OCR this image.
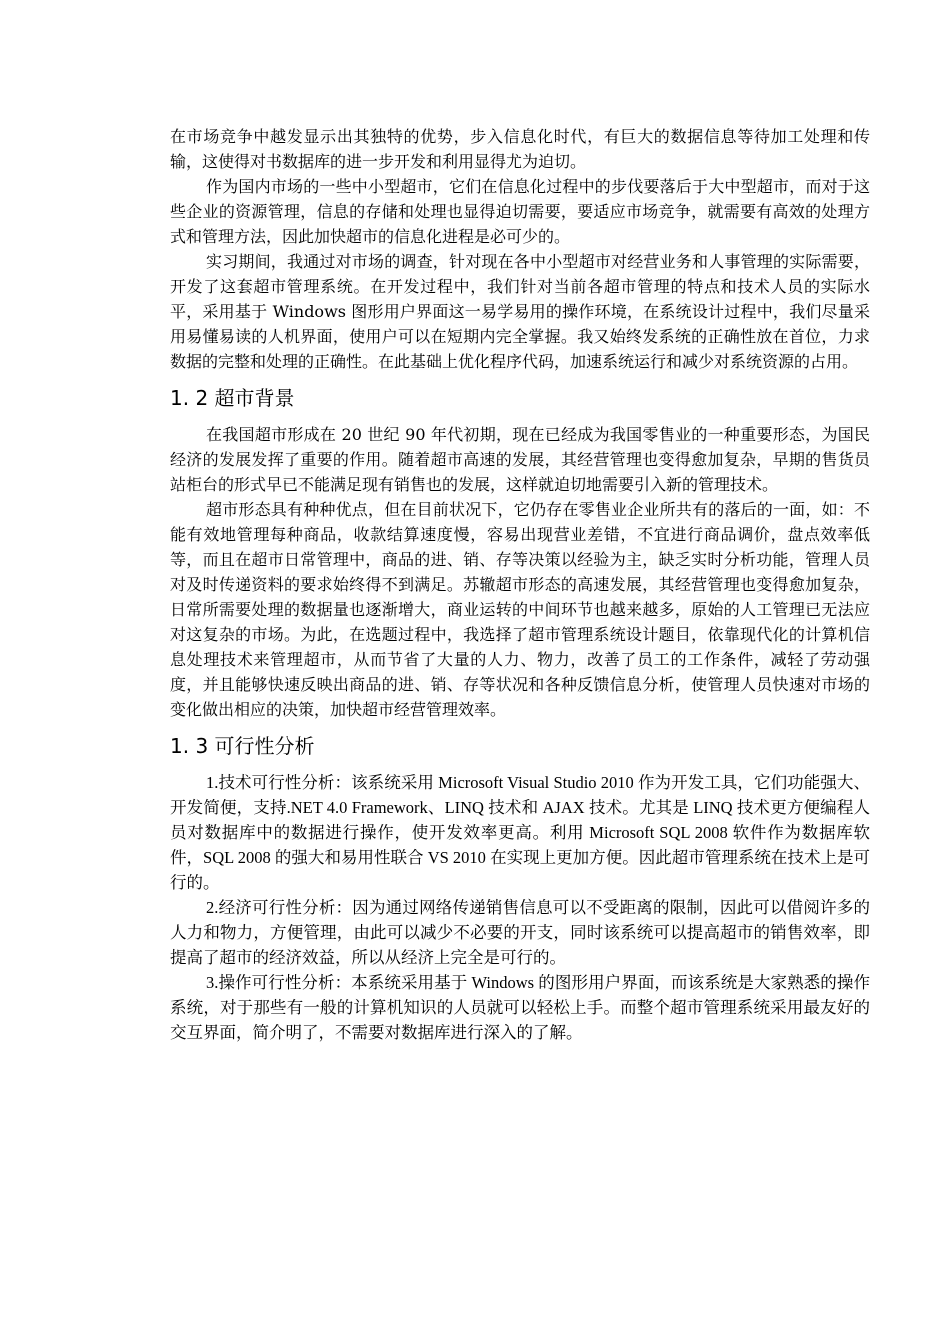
在市场竞争中越发显示出其独特的优势，步入信息化时代，有巨大的数据信息等待加工处理和传输，这使得对书数据库的进一步开发和利用显得尤为迫切。

作为国内市场的一些中小型超市，它们在信息化过程中的步伐要落后于大中型超市，而对于这些企业的资源管理，信息的存储和处理也显得迫切需要，要适应市场竞争，就需要有高效的处理方式和管理方法，因此加快超市的信息化进程是必可少的。

实习期间，我通过对市场的调查，针对现在各中小型超市对经营业务和人事管理的实际需要，开发了这套超市管理系统。在开发过程中，我们针对当前各超市管理的特点和技术人员的实际水平，采用基于 Windows 图形用户界面这一易学易用的操作环境，在系统设计过程中，我们尽量采用易懂易读的人机界面，使用户可以在短期内完全掌握。我又始终发系统的正确性放在首位，力求数据的完整和处理的正确性。在此基础上优化程序代码，加速系统运行和减少对系统资源的占用。

1. 2 超市背景

在我国超市形成在 20 世纪 90 年代初期，现在已经成为我国零售业的一种重要形态，为国民经济的发展发挥了重要的作用。随着超市高速的发展，其经营管理也变得愈加复杂，早期的售货员站柜台的形式早已不能满足现有销售也的发展，这样就迫切地需要引入新的管理技术。

超市形态具有种种优点，但在目前状况下，它仍存在零售业企业所共有的落后的一面，如：不能有效地管理每种商品，收款结算速度慢，容易出现营业差错，不宜进行商品调价，盘点效率低等，而且在超市日常管理中，商品的进、销、存等决策以经验为主，缺乏实时分析功能，管理人员对及时传递资料的要求始终得不到满足。苏辙超市形态的高速发展，其经营管理也变得愈加复杂，日常所需要处理的数据量也逐渐增大，商业运转的中间环节也越来越多，原始的人工管理已无法应对这复杂的市场。为此，在选题过程中，我选择了超市管理系统设计题目，依靠现代化的计算机信息处理技术来管理超市，从而节省了大量的人力、物力，改善了员工的工作条件，减轻了劳动强度，并且能够快速反映出商品的进、销、存等状况和各种反馈信息分析，使管理人员快速对市场的变化做出相应的决策，加快超市经营管理效率。

1. 3 可行性分析

1.技术可行性分析：该系统采用 Microsoft Visual Studio 2010 作为开发工具，它们功能强大、开发简便，支持.NET 4.0 Framework、LINQ 技术和 AJAX 技术。尤其是 LINQ 技术更方便编程人员对数据库中的数据进行操作，使开发效率更高。利用 Microsoft SQL 2008 软件作为数据库软件，SQL 2008 的强大和易用性联合 VS 2010 在实现上更加方便。因此超市管理系统在技术上是可行的。

2.经济可行性分析：因为通过网络传递销售信息可以不受距离的限制，因此可以借阅许多的人力和物力，方便管理，由此可以减少不必要的开支，同时该系统可以提高超市的销售效率，即提高了超市的经济效益，所以从经济上完全是可行的。

3.操作可行性分析：本系统采用基于 Windows 的图形用户界面，而该系统是大家熟悉的操作系统，对于那些有一般的计算机知识的人员就可以轻松上手。而整个超市管理系统采用最友好的交互界面，简介明了，不需要对数据库进行深入的了解。
